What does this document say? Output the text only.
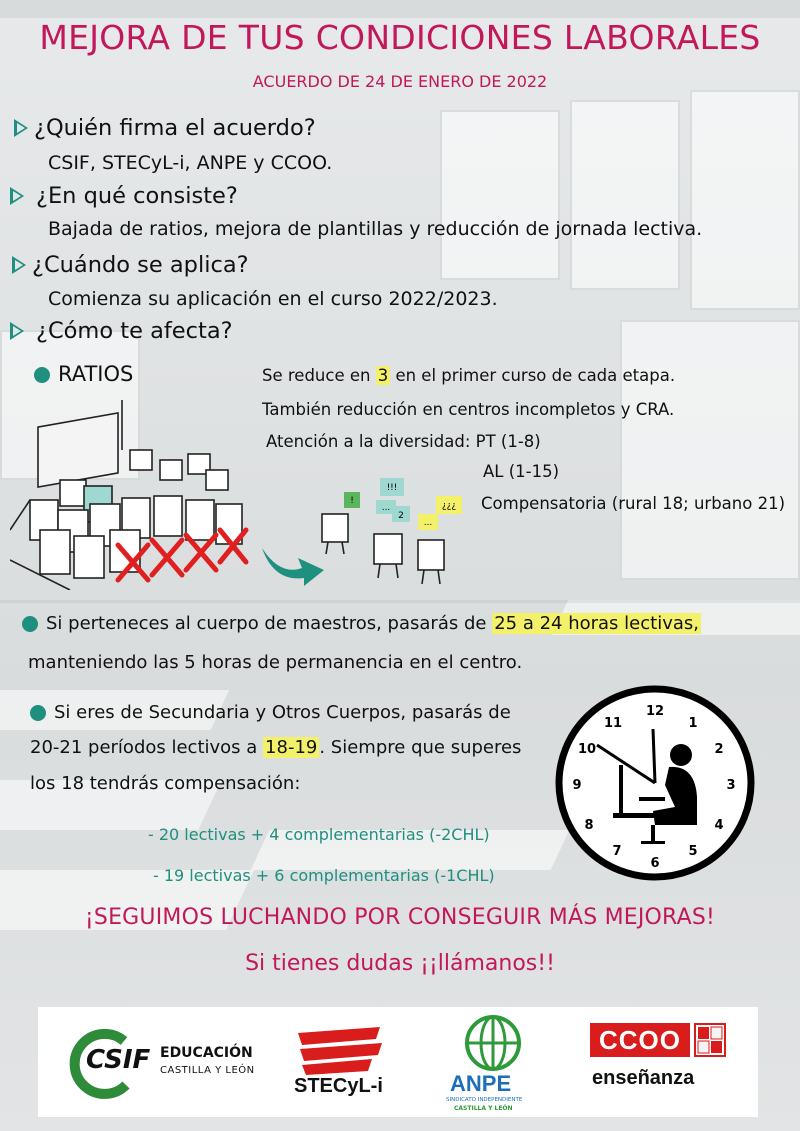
MEJORA DE TUS CONDICIONES LABORALES
ACUERDO DE 24 DE ENERO DE 2022
¿Quién firma el acuerdo?
CSIF, STECyL-i, ANPE y CCOO.
¿En qué consiste?
Bajada de ratios, mejora de plantillas y reducción de jornada lectiva.
¿Cuándo se aplica?
Comienza su aplicación en el curso 2022/2023.
¿Cómo te afecta?
RATIOS	Se reduce en 3 en el primer curso de cada etapa.
También reducción en centros incompletos y CRA.
Atención a la diversidad: PT (1-8)
AL (1-15)
Compensatoria (rural 18; urbano 21)
!
!!!
...
2
¿¿¿
...
Si perteneces al cuerpo de maestros, pasarás de 25 a 24 horas lectivas,
manteniendo las 5 horas de permanencia en el centro.
Si eres de Secundaria y Otros Cuerpos, pasarás de
20-21 períodos lectivos a 18-19 . Siempre que superes
los 18 tendrás compensación:
- 20 lectivas + 4 complementarias (-2CHL)
- 19 lectivas + 6 complementarias (-1CHL)
12
1
2
3
4
5
6
7
8
9
10
11
¡SEGUIMOS LUCHANDO POR CONSEGUIR MÁS MEJORAS!
Si tienes dudas ¡¡llámanos!!
CSIF EDUCACIÓN
CASTILLA Y LEÓN
STECyL-i	ANPE
SINDICATO INDEPENDIENTE
CASTILLA Y LEÓN
CCOO
enseñanza
